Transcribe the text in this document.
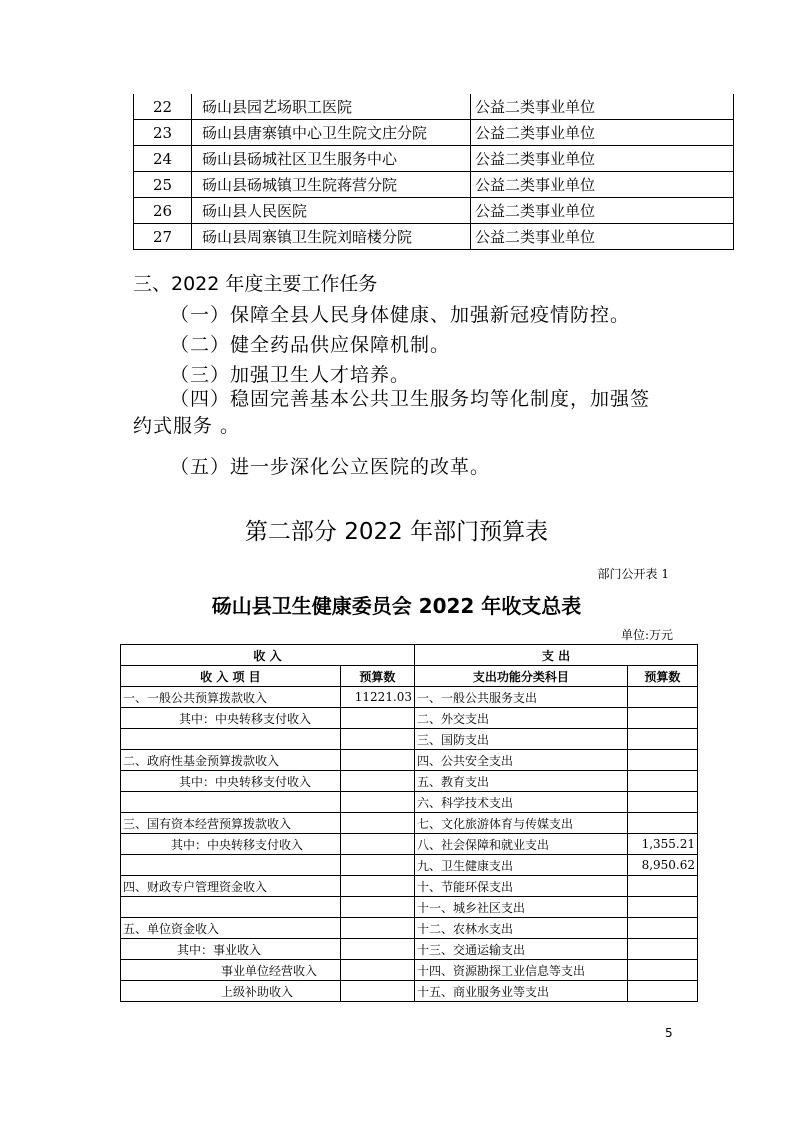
22	砀山县园艺场职工医院	公益二类事业单位
23	砀山县唐寨镇中心卫生院文庄分院	公益二类事业单位
24	砀山县砀城社区卫生服务中心	公益二类事业单位
25	砀山县砀城镇卫生院蒋营分院	公益二类事业单位
26	砀山县人民医院	公益二类事业单位
27	砀山县周寨镇卫生院刘暗楼分院	公益二类事业单位
三、2022 年度主要工作任务
（一）保障全县人民身体健康、加强新冠疫情防控。
（二）健全药品供应保障机制。
（三）加强卫生人才培养。
（四）稳固完善基本公共卫生服务均等化制度，加强签
约式服务 。
（五）进一步深化公立医院的改革。
第二部分 2022 年部门预算表
部门公开表 1
砀山县卫生健康委员会 2022 年收支总表
单位:万元
收 入		支 出	
收 入 项 目	预算数	支出功能分类科目	预算数
一、一般公共预算拨款收入	11221.03	一、一般公共服务支出	
其中：中央转移支付收入		二、外交支出	
		三、国防支出	
二、政府性基金预算拨款收入		四、公共安全支出	
其中：中央转移支付收入		五、教育支出	
		六、科学技术支出	
三、国有资本经营预算拨款收入		七、文化旅游体育与传媒支出	
其中：中央转移支付收入		八、社会保障和就业支出	1,355.21
		九、卫生健康支出	8,950.62
四、财政专户管理资金收入		十、节能环保支出	
		十一、城乡社区支出	
五、单位资金收入		十二、农林水支出	
其中：事业收入		十三、交通运输支出	
事业单位经营收入		十四、资源勘探工业信息等支出	
上级补助收入		十五、商业服务业等支出	
5
